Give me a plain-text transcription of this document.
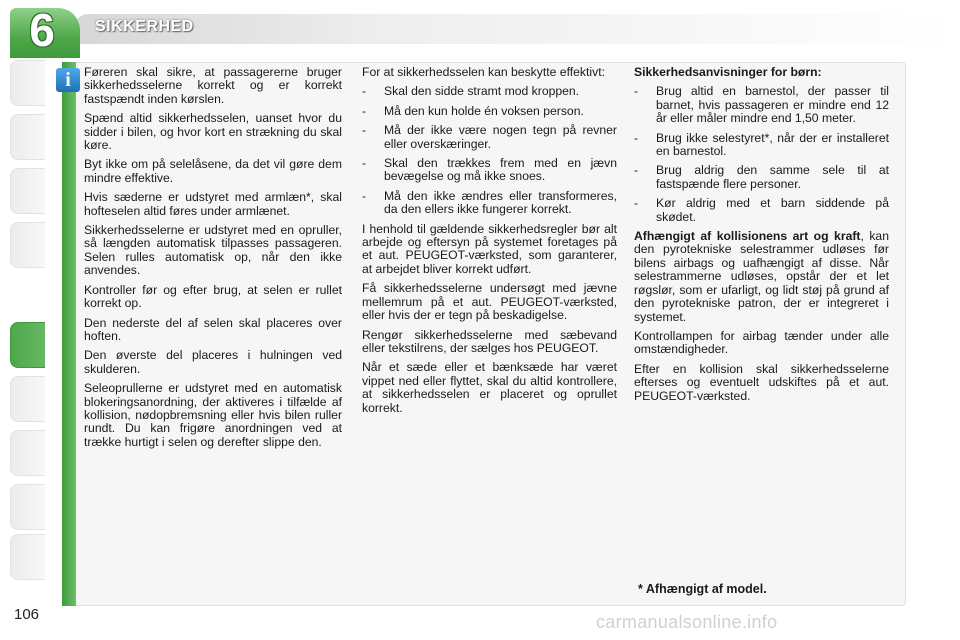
6	SIKKERHED
i	Føreren skal sikre, at passagererne bruger sikkerhedsselerne korrekt og er korrekt fastspændt inden kørslen.

Spænd altid sikkerhedsselen, uanset hvor du sidder i bilen, og hvor kort en strækning du skal køre.

Byt ikke om på selelåsene, da det vil gøre dem mindre effektive.

Hvis sæderne er udstyret med armlæn*, skal hofteselen altid føres under armlænet.

Sikkerhedsselerne er udstyret med en opruller, så længden automatisk tilpasses passageren. Selen rulles automatisk op, når den ikke anvendes.

Kontroller før og efter brug, at selen er rullet korrekt op.

Den nederste del af selen skal placeres over hoften.

Den øverste del placeres i hulningen ved skulderen.

Seleoprullerne er udstyret med en automatisk blokeringsanordning, der aktiveres i tilfælde af kollision, nødopbremsning eller hvis bilen ruller rundt. Du kan frigøre anordningen ved at trække hurtigt i selen og derefter slippe den.

For at sikkerhedsselen kan beskytte effektivt:

- Skal den sidde stramt mod kroppen.
- Må den kun holde én voksen person.
- Må der ikke være nogen tegn på revner eller overskæringer.
- Skal den trækkes frem med en jævn bevægelse og må ikke snoes.
- Må den ikke ændres eller transformeres, da den ellers ikke fungerer korrekt.

I henhold til gældende sikkerhedsregler bør alt arbejde og eftersyn på systemet foretages på et aut. PEUGEOT-værksted, som garanterer, at arbejdet bliver korrekt udført.

Få sikkerhedsselerne undersøgt med jævne mellemrum på et aut. PEUGEOT-værksted, eller hvis der er tegn på beskadigelse.

Rengør sikkerhedsselerne med sæbevand eller tekstilrens, der sælges hos PEUGEOT.

Når et sæde eller et bænksæde har været vippet ned eller flyttet, skal du altid kontrollere, at sikkerhedsselen er placeret og oprullet korrekt.

Sikkerhedsanvisninger for børn:

- Brug altid en barnestol, der passer til barnet, hvis passageren er mindre end 12 år eller måler mindre end 1,50 meter.
- Brug ikke selestyret*, når der er installeret en barnestol.
- Brug aldrig den samme sele til at fastspænde flere personer.
- Kør aldrig med et barn siddende på skødet.

Afhængigt af kollisionens art og kraft, kan den pyrotekniske selestrammer udløses før bilens airbags og uafhængigt af disse. Når selestrammerne udløses, opstår der et let røgslør, som er ufarligt, og lidt støj på grund af den pyrotekniske patron, der er integreret i systemet.

Kontrollampen for airbag tænder under alle omstændigheder.

Efter en kollision skal sikkerhedsselerne efterses og eventuelt udskiftes på et aut. PEUGEOT-værksted.

* Afhængigt af model.
106	carmanualsonline.info
